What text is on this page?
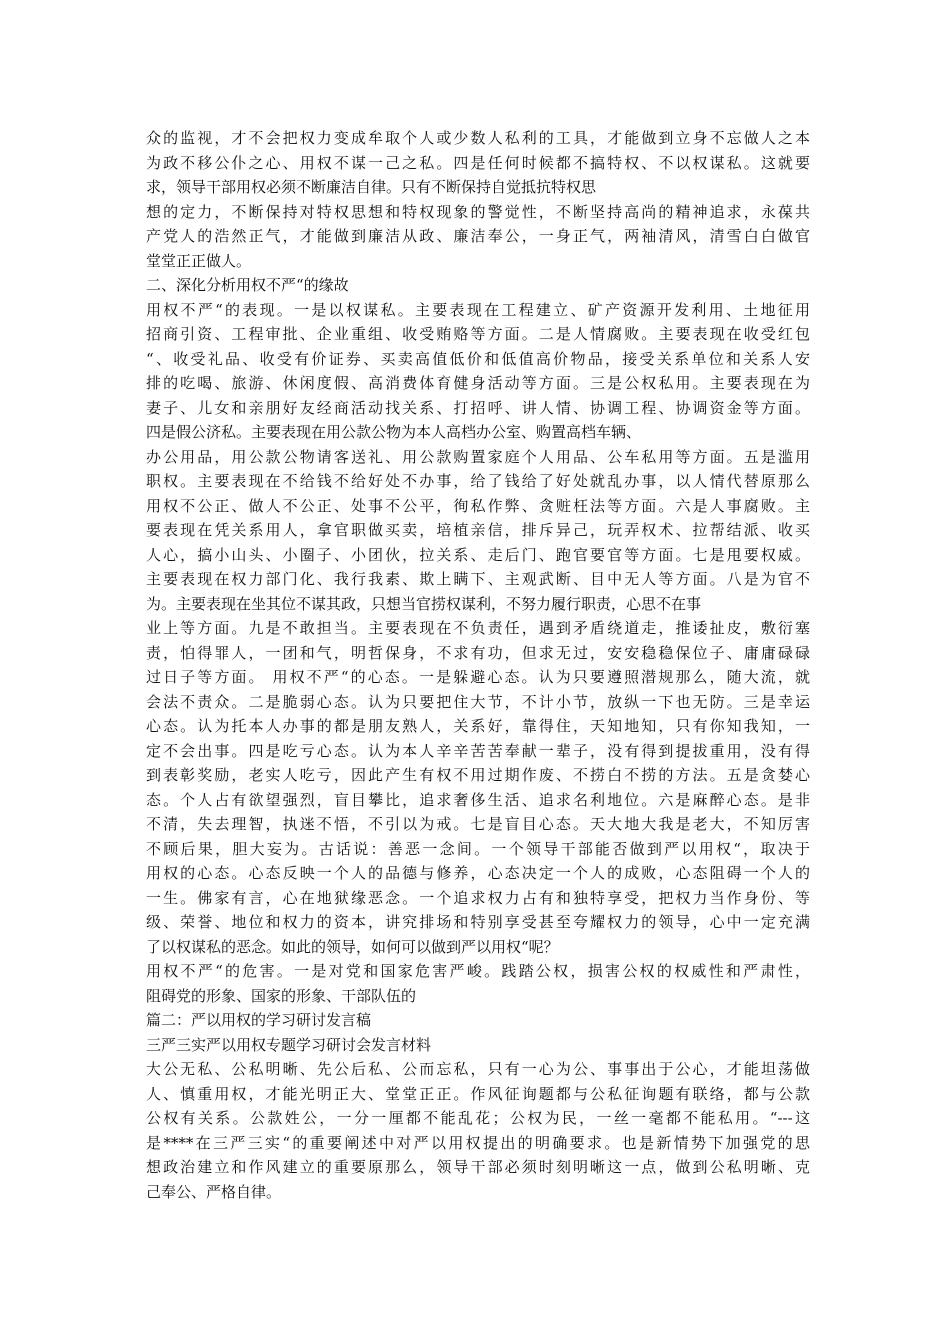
众的监视，才不会把权力变成牟取个人或少数人私利的工具，才能做到立身不忘做人之本
为政不移公仆之心、用权不谋一己之私。四是任何时候都不搞特权、不以权谋私。这就要
求，领导干部用权必须不断廉洁自律。只有不断保持自觉抵抗特权思
想的定力，不断保持对特权思想和特权现象的警觉性，不断坚持高尚的精神追求，永葆共
产党人的浩然正气，才能做到廉洁从政、廉洁奉公，一身正气，两袖清风，清雪白白做官
堂堂正正做人。
二、深化分析用权不严“的缘故
用权不严“的表现。一是以权谋私。主要表现在工程建立、矿产资源开发利用、土地征用
招商引资、工程审批、企业重组、收受贿赂等方面。二是人情腐败。主要表现在收受红包
“、收受礼品、收受有价证券、买卖高值低价和低值高价物品，接受关系单位和关系人安
排的吃喝、旅游、休闲度假、高消费体育健身活动等方面。三是公权私用。主要表现在为
妻子、儿女和亲朋好友经商活动找关系、打招呼、讲人情、协调工程、协调资金等方面。
四是假公济私。主要表现在用公款公物为本人高档办公室、购置高档车辆、
办公用品，用公款公物请客送礼、用公款购置家庭个人用品、公车私用等方面。五是滥用
职权。主要表现在不给钱不给好处不办事，给了钱给了好处就乱办事，以人情代替原那么
用权不公正、做人不公正、处事不公平，徇私作弊、贪赃枉法等方面。六是人事腐败。主
要表现在凭关系用人，拿官职做买卖，培植亲信，排斥异己，玩弄权术、拉帮结派、收买
人心，搞小山头、小圈子、小团伙，拉关系、走后门、跑官要官等方面。七是甩要权威。
主要表现在权力部门化、我行我素、欺上瞒下、主观武断、目中无人等方面。八是为官不
为。主要表现在坐其位不谋其政，只想当官捞权谋利，不努力履行职责，心思不在事
业上等方面。九是不敢担当。主要表现在不负责任，遇到矛盾绕道走，推诿扯皮，敷衍塞
责，怕得罪人，一团和气，明哲保身，不求有功，但求无过，安安稳稳保位子、庸庸碌碌
过日子等方面。 用权不严“的心态。一是躲避心态。认为只要遵照潜规那么，随大流，就
会法不责众。二是脆弱心态。认为只要把住大节，不计小节，放纵一下也无防。三是幸运
心态。认为托本人办事的都是朋友熟人，关系好，靠得住，天知地知，只有你知我知，一
定不会出事。四是吃亏心态。认为本人辛辛苦苦奉献一辈子，没有得到提拔重用，没有得
到表彰奖励，老实人吃亏，因此产生有权不用过期作废、不捞白不捞的方法。五是贪婪心
态。个人占有欲望强烈，盲目攀比，追求奢侈生活、追求名利地位。六是麻醉心态。是非
不清，失去理智，执迷不悟，不引以为戒。七是盲目心态。天大地大我是老大，不知厉害
不顾后果，胆大妄为。古话说：善恶一念间。一个领导干部能否做到严以用权“，取决于
用权的心态。心态反映一个人的品德与修养，心态决定一个人的成败，心态阻碍一个人的
一生。佛家有言，心在地狱缘恶念。一个追求权力占有和独特享受，把权力当作身份、等
级、荣誉、地位和权力的资本，讲究排场和特别享受甚至夸耀权力的领导，心中一定充满
了以权谋私的恶念。如此的领导，如何可以做到严以用权“呢？
用权不严“的危害。一是对党和国家危害严峻。践踏公权，损害公权的权威性和严肃性，
阻碍党的形象、国家的形象、干部队伍的
篇二：严以用权的学习研讨发言稿
三严三实严以用权专题学习研讨会发言材料
大公无私、公私明晰、先公后私、公而忘私，只有一心为公、事事出于公心，才能坦荡做
人、慎重用权，才能光明正大、堂堂正正。作风征询题都与公私征询题有联络，都与公款
公权有关系。公款姓公，一分一厘都不能乱花；公权为民，一丝一毫都不能私用。“---这
是****在三严三实“的重要阐述中对严以用权提出的明确要求。也是新情势下加强党的思
想政治建立和作风建立的重要原那么，领导干部必须时刻明晰这一点，做到公私明晰、克
己奉公、严格自律。
